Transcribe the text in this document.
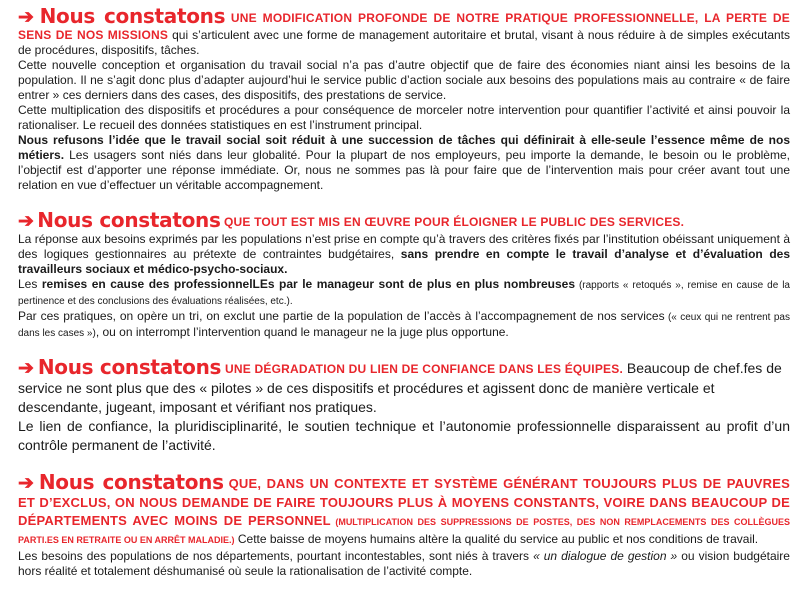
➔ Nous constatons UNE MODIFICATION PROFONDE DE NOTRE PRATIQUE PROFESSIONNELLE, LA PERTE DE SENS DE NOS MISSIONS qui s’articulent avec une forme de management autoritaire et brutal, visant à nous réduire à de simples exécutants de procédures, dispositifs, tâches.

Cette nouvelle conception et organisation du travail social n’a pas d’autre objectif que de faire des économies niant ainsi les besoins de la population. Il ne s’agit donc plus d’adapter aujourd’hui le service public d’action sociale aux besoins des populations mais au contraire « de faire entrer » ces derniers dans des cases, des dispositifs, des prestations de service.

Cette multiplication des dispositifs et procédures a pour conséquence de morceler notre intervention pour quantifier l’activité et ainsi pouvoir la rationaliser. Le recueil des données statistiques en est l’instrument principal.

Nous refusons l’idée que le travail social soit réduit à une succession de tâches qui définirait à elle-seule l’essence même de nos métiers. Les usagers sont niés dans leur globalité. Pour la plupart de nos employeurs, peu importe la demande, le besoin ou le problème, l’objectif est d’apporter une réponse immédiate. Or, nous ne sommes pas là pour faire que de l’intervention mais pour créer avant tout une relation en vue d’effectuer un véritable accompagnement.

➔ Nous constatons QUE TOUT EST MIS EN ŒUVRE POUR ÉLOIGNER LE PUBLIC DES SERVICES.

La réponse aux besoins exprimés par les populations n’est prise en compte qu’à travers des critères fixés par l’institution obéissant uniquement à des logiques gestionnaires au prétexte de contraintes budgétaires, sans prendre en compte le travail d’analyse et d’évaluation des travailleurs sociaux et médico-psycho-sociaux.

Les remises en cause des professionnelLEs par le manageur sont de plus en plus nombreuses (rapports « retoqués », remise en cause de la pertinence et des conclusions des évaluations réalisées, etc.).

Par ces pratiques, on opère un tri, on exclut une partie de la population de l’accès à l’accompagnement de nos services (« ceux qui ne rentrent pas dans les cases »), ou on interrompt l’intervention quand le manageur ne la juge plus opportune.

➔ Nous constatons UNE DÉGRADATION DU LIEN DE CONFIANCE DANS LES ÉQUIPES. Beaucoup de chef.fes de service ne sont plus que des « pilotes » de ces dispositifs et procédures et agissent donc de manière verticale et descendante, jugeant, imposant et vérifiant nos pratiques.

Le lien de confiance, la pluridisciplinarité, le soutien technique et l’autonomie professionnelle disparaissent au profit d’un contrôle permanent de l’activité.

➔ Nous constatons QUE, DANS UN CONTEXTE ET SYSTÈME GÉNÉRANT TOUJOURS PLUS DE PAUVRES ET D’EXCLUS, ON NOUS DEMANDE DE FAIRE TOUJOURS PLUS À MOYENS CONSTANTS, VOIRE DANS BEAUCOUP DE DÉPARTEMENTS AVEC MOINS DE PERSONNEL (MULTIPLICATION DES SUPPRESSIONS DE POSTES, DES NON REMPLACEMENTS DES COLLÈGUES PARTI.ES EN RETRAITE OU EN ARRÊT MALADIE.) Cette baisse de moyens humains altère la qualité du service au public et nos conditions de travail.

Les besoins des populations de nos départements, pourtant incontestables, sont niés à travers « un dialogue de gestion » ou vision budgétaire hors réalité et totalement déshumanisé où seule la rationalisation de l’activité compte.
